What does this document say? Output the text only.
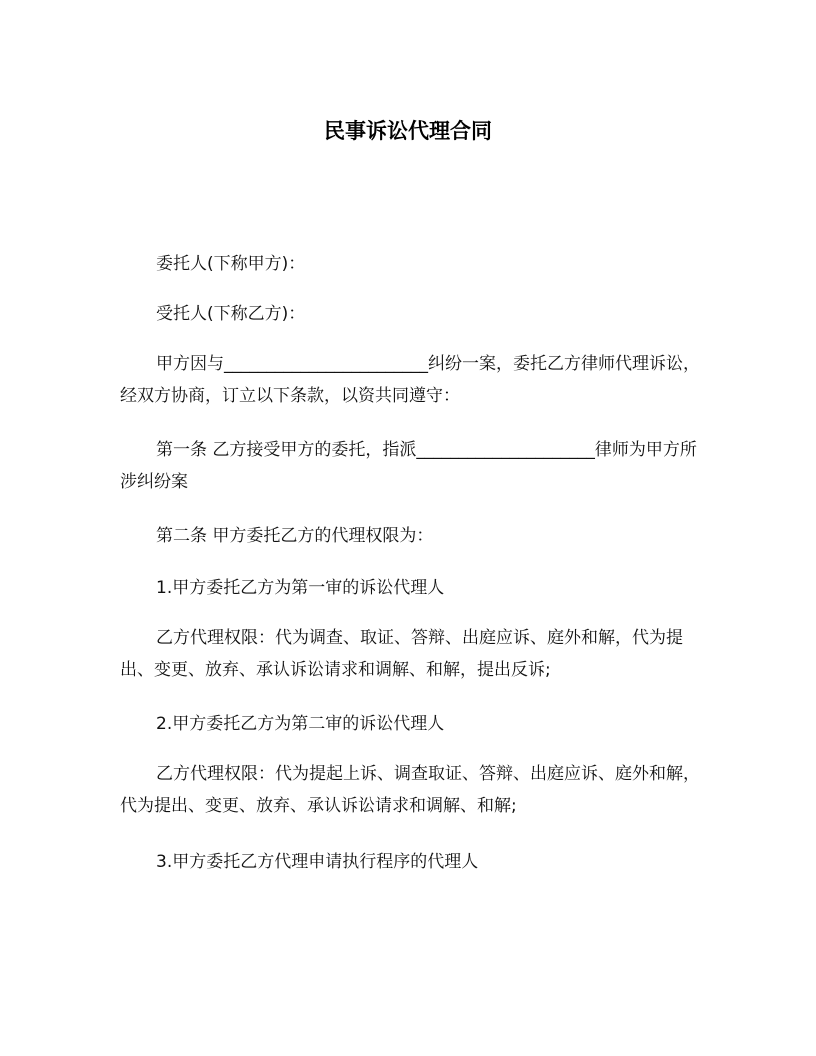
民事诉讼代理合同
委托人(下称甲方)：
受托人(下称乙方)：
甲方因与________________________纠纷一案，委托乙方律师代理诉讼，经双方协商，订立以下条款，以资共同遵守：
第一条 乙方接受甲方的委托，指派_____________________律师为甲方所涉纠纷案
第二条 甲方委托乙方的代理权限为：
1.甲方委托乙方为第一审的诉讼代理人
乙方代理权限：代为调查、取证、答辩、出庭应诉、庭外和解，代为提出、变更、放弃、承认诉讼请求和调解、和解，提出反诉;
2.甲方委托乙方为第二审的诉讼代理人
乙方代理权限：代为提起上诉、调查取证、答辩、出庭应诉、庭外和解，代为提出、变更、放弃、承认诉讼请求和调解、和解;
3.甲方委托乙方代理申请执行程序的代理人
